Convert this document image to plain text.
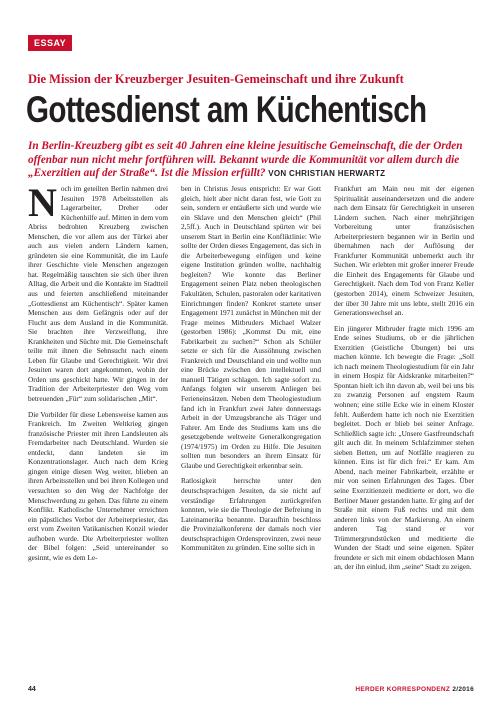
ESSAY
Die Mission der Kreuzberger Jesuiten-Gemeinschaft und ihre Zukunft
Gottesdienst am Küchentisch
In Berlin-Kreuzberg gibt es seit 40 Jahren eine kleine jesuitische Gemeinschaft, die der Orden offenbar nun nicht mehr fortführen will. Bekannt wurde die Kommunität vor allem durch die „Exerzitien auf der Straße“. Ist die Mission erfüllt? VON CHRISTIAN HERWARTZ

Noch im geteilten Berlin nahmen drei Jesuiten 1978 Arbeitsstellen als Lagerarbeiter, Dreher oder Küchenhilfe auf. Mitten in dem vom Abriss bedrohten Kreuzberg zwischen Menschen, die vor allem aus der Türkei aber auch aus vielen andern Ländern kamen, gründeten sie eine Kommunität, die im Laufe ihrer Geschichte viele Menschen angezogen hat. Regelmäßig tauschten sie sich über ihren Alltag, die Arbeit und die Kontakte im Stadtteil aus und feierten anschließend miteinander „Gottesdienst am Küchentisch“. Später kamen Menschen aus dem Gefängnis oder auf der Flucht aus dem Ausland in die Kommunität. Sie brachten ihre Verzweiflung, ihre Krankheiten und Süchte mit. Die Gemeinschaft teilte mit ihnen die Sehnsucht nach einem Leben für Glaube und Gerechtigkeit. Wir drei Jesuiten waren dort angekommen, wohin der Orden uns geschickt hatte. Wir gingen in der Tradition der Arbeiterpriester den Weg vom betreuenden „Für“ zum solidarischen „Mit“.

Die Vorbilder für diese Lebensweise kamen aus Frankreich. Im Zweiten Weltkrieg gingen französische Priester mit ihren Landsleuten als Fremdarbeiter nach Deutschland. Wurden sie entdeckt, dann landeten sie im Konzentrationslager. Auch nach dem Krieg gingen einige diesen Weg weiter, blieben an ihren Arbeitsstellen und bei ihren Kollegen und versuchten so den Weg der Nachfolge der Menschwerdung zu gehen. Das führte zu einem Konflikt. Katholische Unternehmer erreichten ein päpstliches Verbot der Arbeiterpriester, das erst vom Zweiten Vatikanischen Konzil wieder aufhoben wurde. Die Arbeiterpriester wollten der Bibel folgen: „Seid untereinander so gesinnt, wie es dem Le-

ben in Christus Jesus entspricht: Er war Gott gleich, hielt aber nicht daran fest, wie Gott zu sein, sondern er entäußerte sich und wurde wie ein Sklave und den Menschen gleich“ (Phil 2,5ff.). Auch in Deutschland spürten wir bei unserem Start in Berlin eine Konfliktlinie: Wie sollte der Orden dieses Engagement, das sich in die Arbeiterbewegung einfügen und keine eigene Institution gründen wollte, nachhaltig begleiten? Wie konnte das Berliner Engagement seinen Platz neben theologischen Fakultäten, Schulen, pastoralen oder karitativen Einrichtungen finden? Konkret startete unser Engagement 1971 zunächst in München mit der Frage meines Mitbruders Michael Walzer (gestorben 1986): „Kommst Du mit, eine Fabrikarbeit zu suchen?“ Schon als Schüler setzte er sich für die Aussöhnung zwischen Frankreich und Deutschland ein und wollte nun eine Brücke zwischen den intellektuell und manuell Tätigen schlagen. Ich sagte sofort zu. Anfangs folgten wir unserem Anliegen bei Ferieneinsätzen. Neben dem Theologiestudium fand ich in Frankfurt zwei Jahre donnerstags Arbeit in der Umzugsbranche als Träger und Fahrer. Am Ende des Studiums kam uns die gesetzgebende weltweite Generalkongregation (1974/1975) im Orden zu Hilfe. Die Jesuiten sollten nun besonders an ihrem Einsatz für Glaube und Gerechtigkeit erkennbar sein.

Ratlosigkeit herrschte unter den deutschsprachigen Jesuiten, da sie nicht auf verständige Erfahrungen zurückgreifen konnten, wie sie die Theologie der Befreiung in Lateinamerika benannte. Daraufhin beschloss die Provinzialkonferenz der damals noch vier deutschsprachigen Ordensprovinzen, zwei neue Kommunitäten zu gründen. Eine sollte sich in

Frankfurt am Main neu mit der eigenen Spiritualität auseinandersetzen und die andere nach dem Einsatz für Gerechtigkeit in unseren Ländern suchen. Nach einer mehrjährigen Vorbereitung unter französischen Arbeiterpriestern begannen wir in Berlin und übernahmen nach der Auflösung der Frankfurter Kommunität unbemerkt auch ihr Suchen. Wir erlebten mit großer innerer Freude die Einheit des Engagements für Glaube und Gerechtigkeit. Nach dem Tod von Franz Keller (gestorben 2014), einem Schweizer Jesuiten, der über 30 Jahre mit uns lebte, stellt 2016 ein Generationswechsel an.

Ein jüngerer Mitbruder fragte mich 1996 am Ende seines Studiums, ob er die jährlichen Exerzitien (Geistliche Übungen) bei uns machen könnte. Ich bewegte die Frage: „Soll ich nach meinem Theologiestudium für ein Jahr in einem Hospiz für Aidskranke mitarbeiten?“ Spontan hielt ich ihn davon ab, weil bei uns bis zu zwanzig Personen auf engstem Raum wohnen; eine stille Ecke wie in einem Kloster fehlt. Außerdem hatte ich noch nie Exerzitien begleitet. Doch er blieb bei seiner Anfrage. Schließlich sagte ich: „Unsere Gastfreundschaft gilt auch dir. In meinem Schlafzimmer stehen sieben Betten, um auf Notfälle reagieren zu können. Eins ist für dich frei.“ Er kam. Am Abend, nach meiner Fabrikarbeit, erzählte er mir von seinen Erfahrungen des Tages. Über seine Exerzitienzeit meditierte er dort, wo die Berliner Mauer gestanden hatte. Er ging auf der Straße mit einem Fuß rechts und mit dem anderen links von der Markierung. An einem anderen Tag stand er vor Trümmergrundstücken und meditierte die Wunden der Stadt und seine eigenen. Später freundete er sich mit einem obdachlosen Mann an, der ihn einlud, ihm „seine“ Stadt zu zeigen.

44	HERDER KORRESPONDENZ 2/2016
